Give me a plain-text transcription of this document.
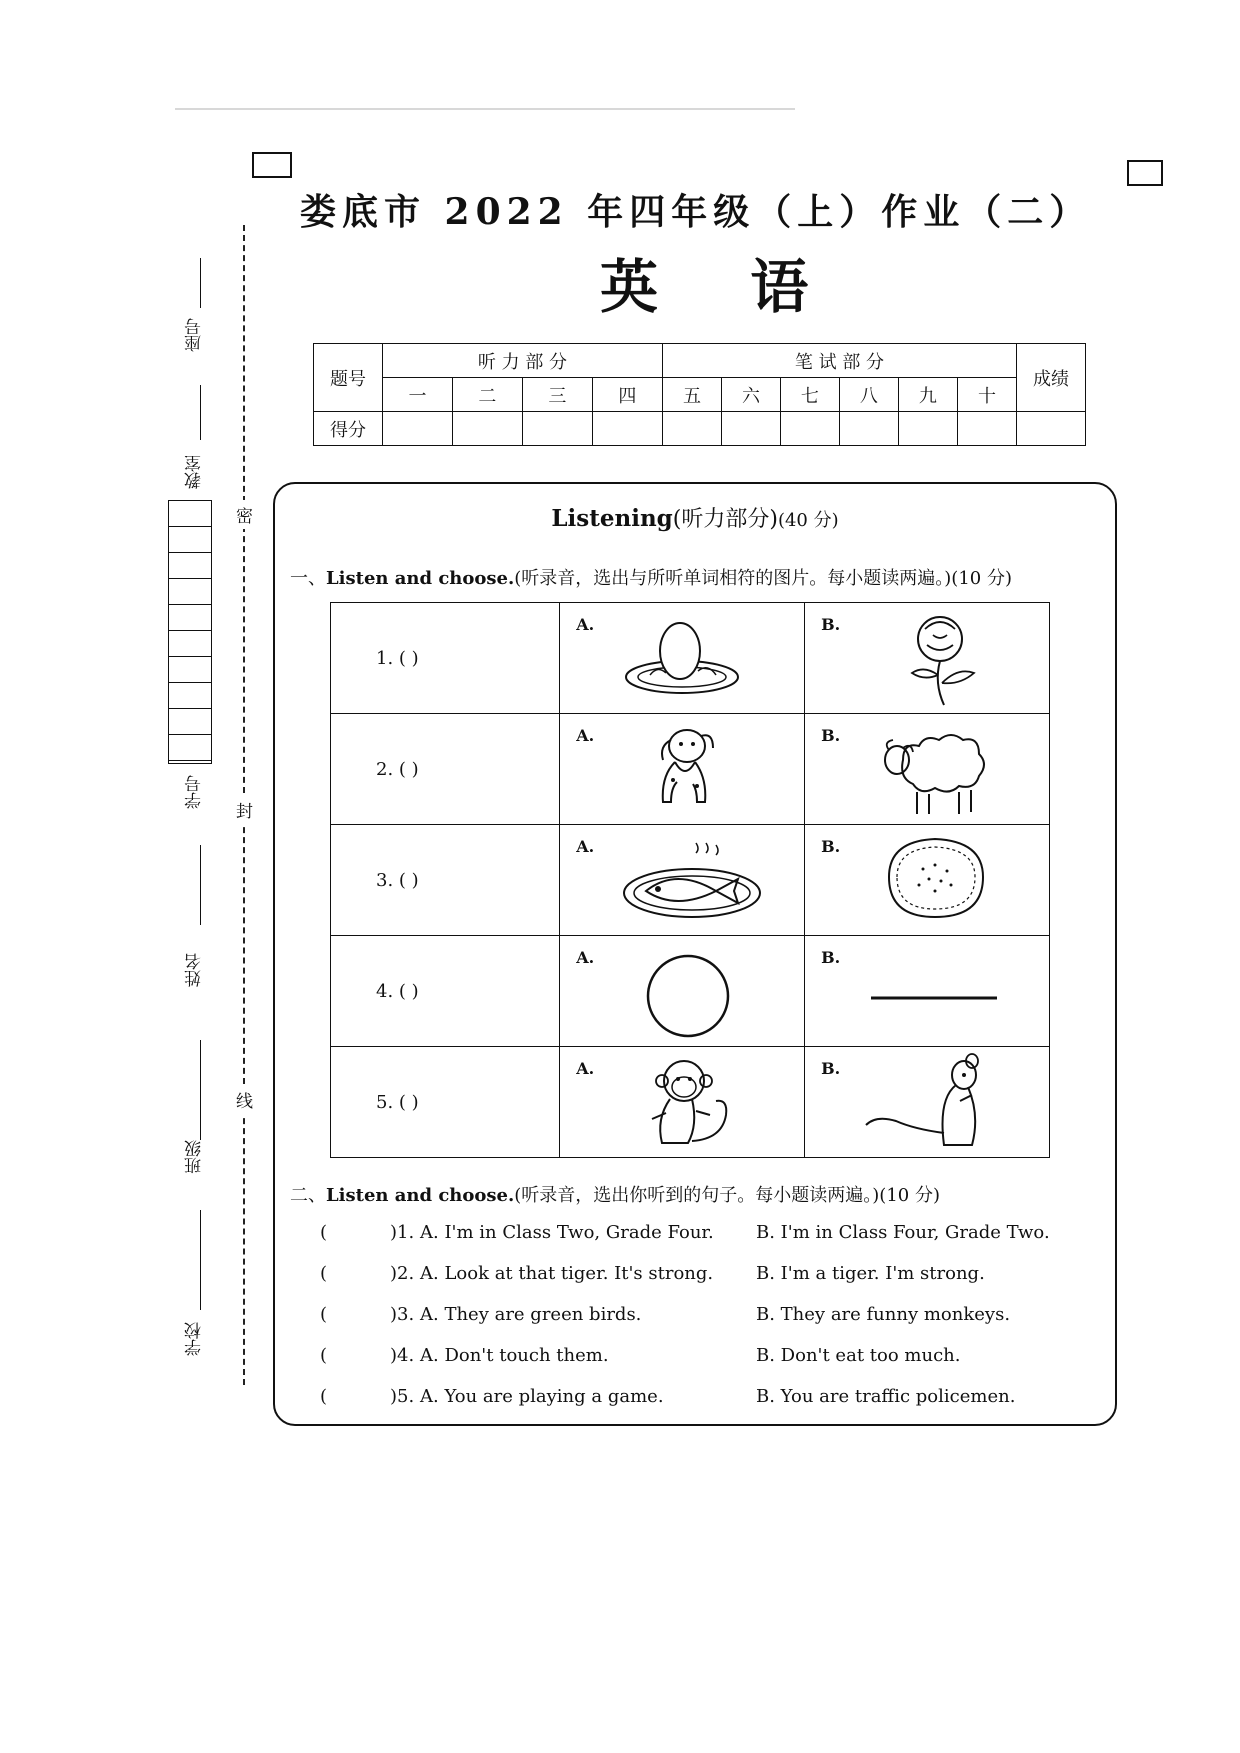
娄底市 2022 年四年级（上）作业（二）
英 语
座号
教室
学号
姓名
班级
学校
密
封
线
题号	听 力 部 分				笔 试 部 分						成绩
	一	二	三	四	五	六	七	八	九	十	
得分											
Listening(听力部分)(40 分)
一、Listen and choose.(听录音，选出与所听单词相符的图片。每小题读两遍。)(10 分)
1. ( )	A.	B.

2. ( )	A.	B.

3. ( )	A.	B.

4. ( )	A.	B.

5. ( )	A.	B.
二、Listen and choose.(听录音，选出你听到的句子。每小题读两遍。)(10 分)
(	)1. A. I'm in Class Two, Grade Four. B. I'm in Class Four, Grade Two.
(	)2. A. Look at that tiger. It's strong. B. I'm a tiger. I'm strong.
(	)3. A. They are green birds.	B. They are funny monkeys.
(	)4. A. Don't touch them.	B. Don't eat too much.
(	)5. A. You are playing a game.	B. You are traffic policemen.
